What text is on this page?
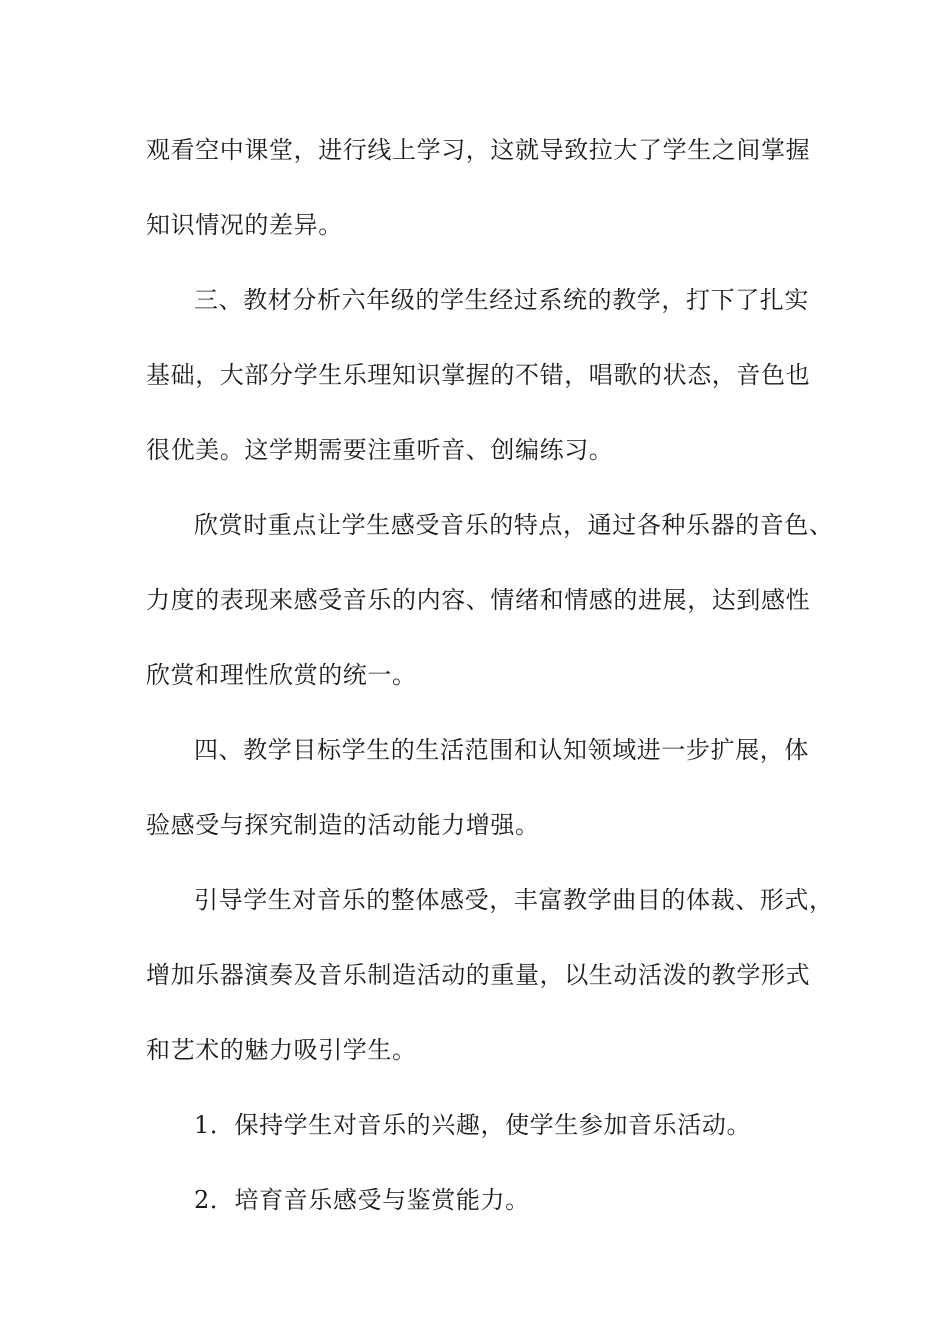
观看空中课堂，进行线上学习，这就导致拉大了学生之间掌握
知识情况的差异。
三、教材分析六年级的学生经过系统的教学，打下了扎实
基础，大部分学生乐理知识掌握的不错，唱歌的状态，音色也
很优美。这学期需要注重听音、创编练习。
欣赏时重点让学生感受音乐的特点，通过各种乐器的音色、
力度的表现来感受音乐的内容、情绪和情感的进展，达到感性
欣赏和理性欣赏的统一。
四、教学目标学生的生活范围和认知领域进一步扩展，体
验感受与探究制造的活动能力增强。
引导学生对音乐的整体感受，丰富教学曲目的体裁、形式，
增加乐器演奏及音乐制造活动的重量，以生动活泼的教学形式
和艺术的魅力吸引学生。
1．保持学生对音乐的兴趣，使学生参加音乐活动。
2．培育音乐感受与鉴赏能力。
